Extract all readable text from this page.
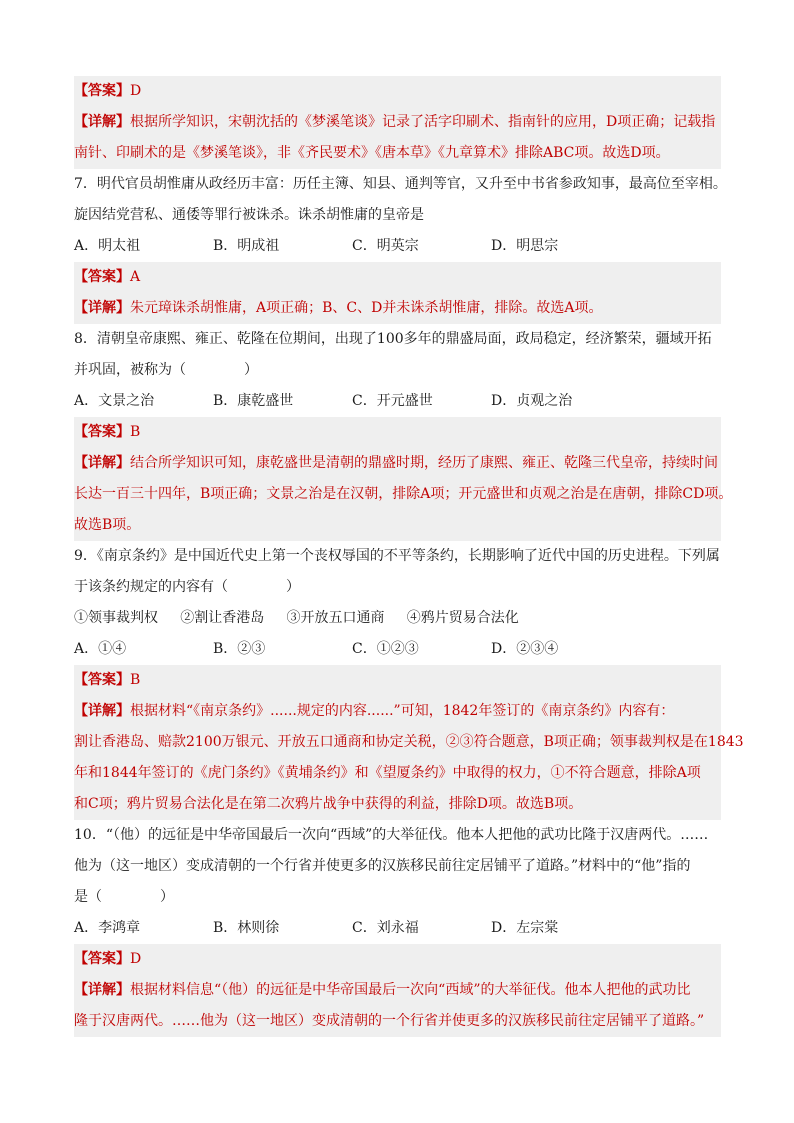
【答案】D
【详解】根据所学知识，宋朝沈括的《梦溪笔谈》记录了活字印刷术、指南针的应用，D项正确；记载指
南针、印刷术的是《梦溪笔谈》，非《齐民要术》《唐本草》《九章算术》排除ABC项。故选D项。
7．明代官员胡惟庸从政经历丰富：历任主簿、知县、通判等官，又升至中书省参政知事，最高位至宰相。
旋因结党营私、通倭等罪行被诛杀。诛杀胡惟庸的皇帝是
A．明太祖	B．明成祖	C．明英宗	D．明思宗
【答案】A
【详解】朱元璋诛杀胡惟庸，A项正确；B、C、D并未诛杀胡惟庸，排除。故选A项。
8．清朝皇帝康熙、雍正、乾隆在位期间，出现了100多年的鼎盛局面，政局稳定，经济繁荣，疆域开拓
并巩固，被称为（	）
A．文景之治	B．康乾盛世	C．开元盛世	D．贞观之治
【答案】B
【详解】结合所学知识可知，康乾盛世是清朝的鼎盛时期，经历了康熙、雍正、乾隆三代皇帝，持续时间
长达一百三十四年，B项正确；文景之治是在汉朝，排除A项；开元盛世和贞观之治是在唐朝，排除CD项。
故选B项。
9．《南京条约》是中国近代史上第一个丧权辱国的不平等条约，长期影响了近代中国的历史进程。下列属
于该条约规定的内容有（	）
①领事裁判权 ②割让香港岛 ③开放五口通商 ④鸦片贸易合法化
A．①④	B．②③	C．①②③	D．②③④
【答案】B
【详解】根据材料“《南京条约》......规定的内容......”可知，1842年签订的《南京条约》内容有：
割让香港岛、赔款2100万银元、开放五口通商和协定关税，②③符合题意，B项正确；领事裁判权是在1843
年和1844年签订的《虎门条约》《黄埔条约》和《望厦条约》中取得的权力，①不符合题意，排除A项
和C项；鸦片贸易合法化是在第二次鸦片战争中获得的利益，排除D项。故选B项。
10．“（他）的远征是中华帝国最后一次向“西域”的大举征伐。他本人把他的武功比隆于汉唐两代。……
他为（这一地区）变成清朝的一个行省并使更多的汉族移民前往定居铺平了道路。”材料中的“他”指的
是（	）
A．李鸿章	B．林则徐	C．刘永福	D．左宗棠
【答案】D
【详解】根据材料信息“（他）的远征是中华帝国最后一次向“西域”的大举征伐。他本人把他的武功比
隆于汉唐两代。……他为（这一地区）变成清朝的一个行省并使更多的汉族移民前往定居铺平了道路。”
